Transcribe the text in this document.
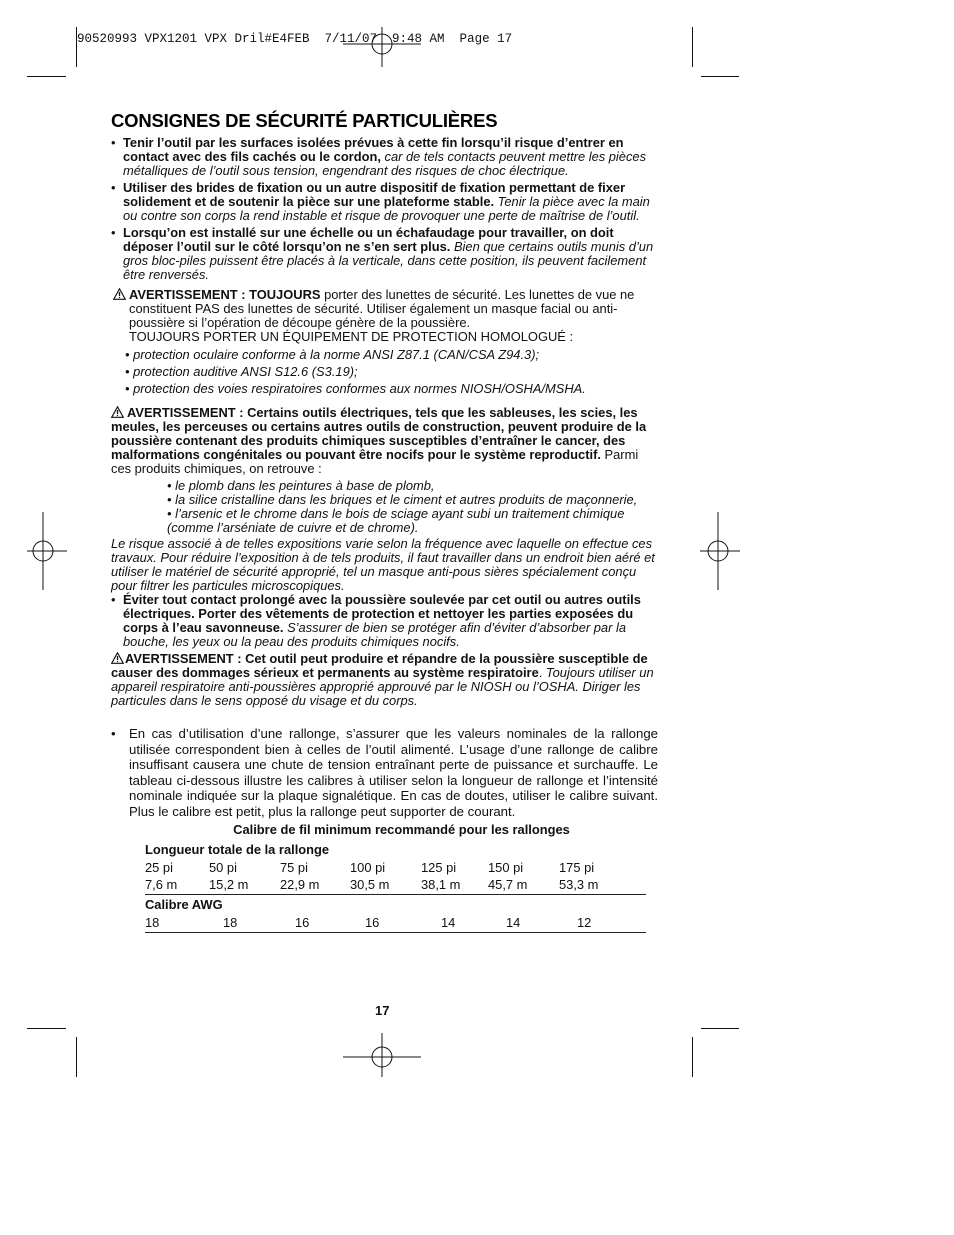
90520993 VPX1201 VPX Dril#E4FEB  7/11/07  9:48 AM  Page 17
CONSIGNES DE SÉCURITÉ PARTICULIÈRES
• Tenir l’outil par les surfaces isolées prévues à cette fin lorsqu’il risque d’entrer en contact avec des fils cachés ou le cordon, car de tels contacts peuvent mettre les pièces métalliques de l’outil sous tension, engendrant des risques de choc électrique.
• Utiliser des brides de fixation ou un autre dispositif de fixation permettant de fixer solidement et de soutenir la pièce sur une plateforme stable. Tenir la pièce avec la main ou contre son corps la rend instable et risque de provoquer une perte de maîtrise de l’outil.
• Lorsqu’on est installé sur une échelle ou un échafaudage pour travailler, on doit déposer l’outil sur le côté lorsqu’on ne s’en sert plus. Bien que certains outils munis d’un gros bloc-piles puissent être placés à la verticale, dans cette position, ils peuvent facilement être renversés.
AVERTISSEMENT : TOUJOURS porter des lunettes de sécurité. Les lunettes de vue ne constituent PAS des lunettes de sécurité. Utiliser également un masque facial ou anti-poussière si l’opération de découpe génère de la poussière.
TOUJOURS PORTER UN ÉQUIPEMENT DE PROTECTION HOMOLOGUÉ :
• protection oculaire conforme à la norme ANSI Z87.1 (CAN/CSA Z94.3);
• protection auditive ANSI S12.6 (S3.19);
• protection des voies respiratoires conformes aux normes NIOSH/OSHA/MSHA.
AVERTISSEMENT : Certains outils électriques, tels que les sableuses, les scies, les meules, les perceuses ou certains autres outils de construction, peuvent produire de la poussière contenant des produits chimiques susceptibles d’entraîner le cancer, des malformations congénitales ou pouvant être nocifs pour le système reproductif. Parmi ces produits chimiques, on retrouve :
• le plomb dans les peintures à base de plomb,
• la silice cristalline dans les briques et le ciment et autres produits de maçonnerie,
• l’arsenic et le chrome dans le bois de sciage ayant subi un traitement chimique (comme l’arséniate de cuivre et de chrome).
Le risque associé à de telles expositions varie selon la fréquence avec laquelle on effectue ces travaux. Pour réduire l’exposition à de tels produits, il faut travailler dans un endroit bien aéré et utiliser le matériel de sécurité approprié, tel un masque anti-pous sières spécialement conçu pour filtrer les particules microscopiques.
• Éviter tout contact prolongé avec la poussière soulevée par cet outil ou autres outils électriques. Porter des vêtements de protection et nettoyer les parties exposées du corps à l’eau savonneuse. S’assurer de bien se protéger afin d’éviter d’absorber par la bouche, les yeux ou la peau des produits chimiques nocifs.
AVERTISSEMENT : Cet outil peut produire et répandre de la poussière susceptible de causer des dommages sérieux et permanents au système respiratoire. Toujours utiliser un appareil respiratoire anti-poussières approprié approuvé par le NIOSH ou l’OSHA. Diriger les particules dans le sens opposé du visage et du corps.
• En cas d’utilisation d’une rallonge, s’assurer que les valeurs nominales de la rallonge utilisée correspondent bien à celles de l’outil alimenté. L’usage d’une rallonge de calibre insuffisant causera une chute de tension entraînant perte de puissance et surchauffe. Le tableau ci-dessous illustre les calibres à utiliser selon la longueur de rallonge et l’intensité nominale indiquée sur la plaque signalétique. En cas de doutes, utiliser le calibre suivant. Plus le calibre est petit, plus la rallonge peut supporter de courant.
Calibre de fil minimum recommandé pour les rallonges
Longueur totale de la rallonge
25 pi	50 pi	75 pi	100 pi	125 pi	150 pi	175 pi
7,6 m	15,2 m	22,9 m	30,5 m	38,1 m	45,7 m	53,3 m
Calibre AWG
18	18	16	16	14	14	12
17
